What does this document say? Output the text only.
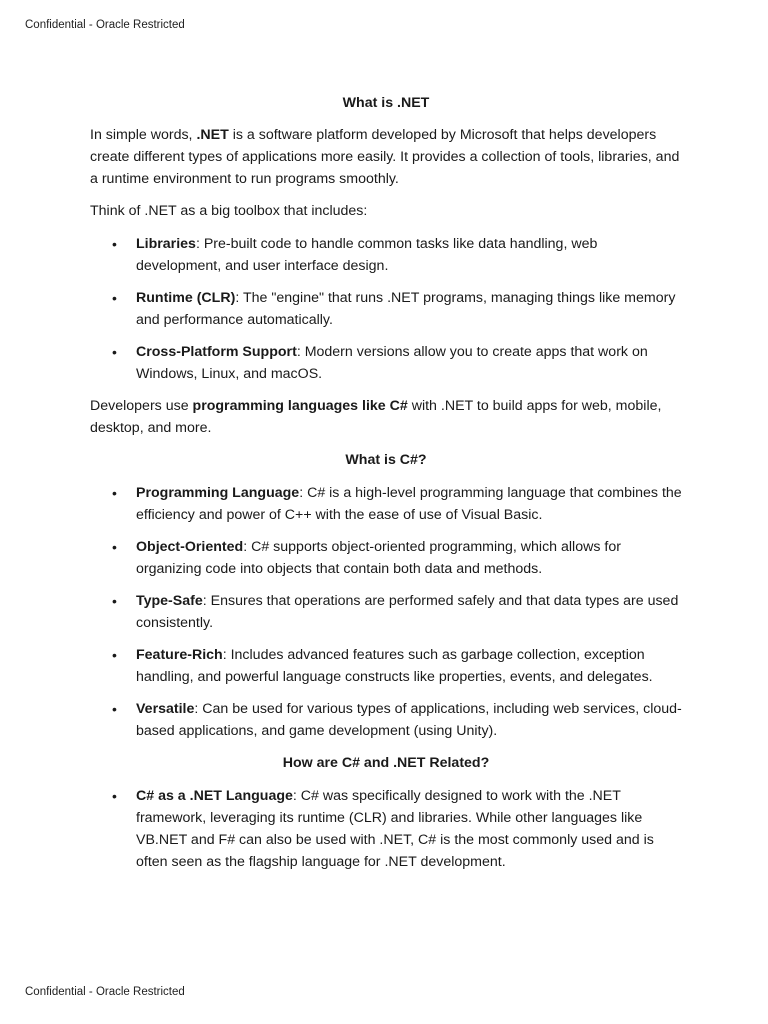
Confidential - Oracle Restricted
What is .NET

In simple words, .NET is a software platform developed by Microsoft that helps developers create different types of applications more easily. It provides a collection of tools, libraries, and a runtime environment to run programs smoothly.

Think of .NET as a big toolbox that includes:

• Libraries: Pre-built code to handle common tasks like data handling, web development, and user interface design.
• Runtime (CLR): The "engine" that runs .NET programs, managing things like memory and performance automatically.
• Cross-Platform Support: Modern versions allow you to create apps that work on Windows, Linux, and macOS.

Developers use programming languages like C# with .NET to build apps for web, mobile, desktop, and more.

What is C#?
• Programming Language: C# is a high-level programming language that combines the efficiency and power of C++ with the ease of use of Visual Basic.
• Object-Oriented: C# supports object-oriented programming, which allows for organizing code into objects that contain both data and methods.
• Type-Safe: Ensures that operations are performed safely and that data types are used consistently.
• Feature-Rich: Includes advanced features such as garbage collection, exception handling, and powerful language constructs like properties, events, and delegates.
• Versatile: Can be used for various types of applications, including web services, cloud-based applications, and game development (using Unity).
How are C# and .NET Related?
• C# as a .NET Language: C# was specifically designed to work with the .NET framework, leveraging its runtime (CLR) and libraries. While other languages like VB.NET and F# can also be used with .NET, C# is the most commonly used and is often seen as the flagship language for .NET development.
Confidential - Oracle Restricted
